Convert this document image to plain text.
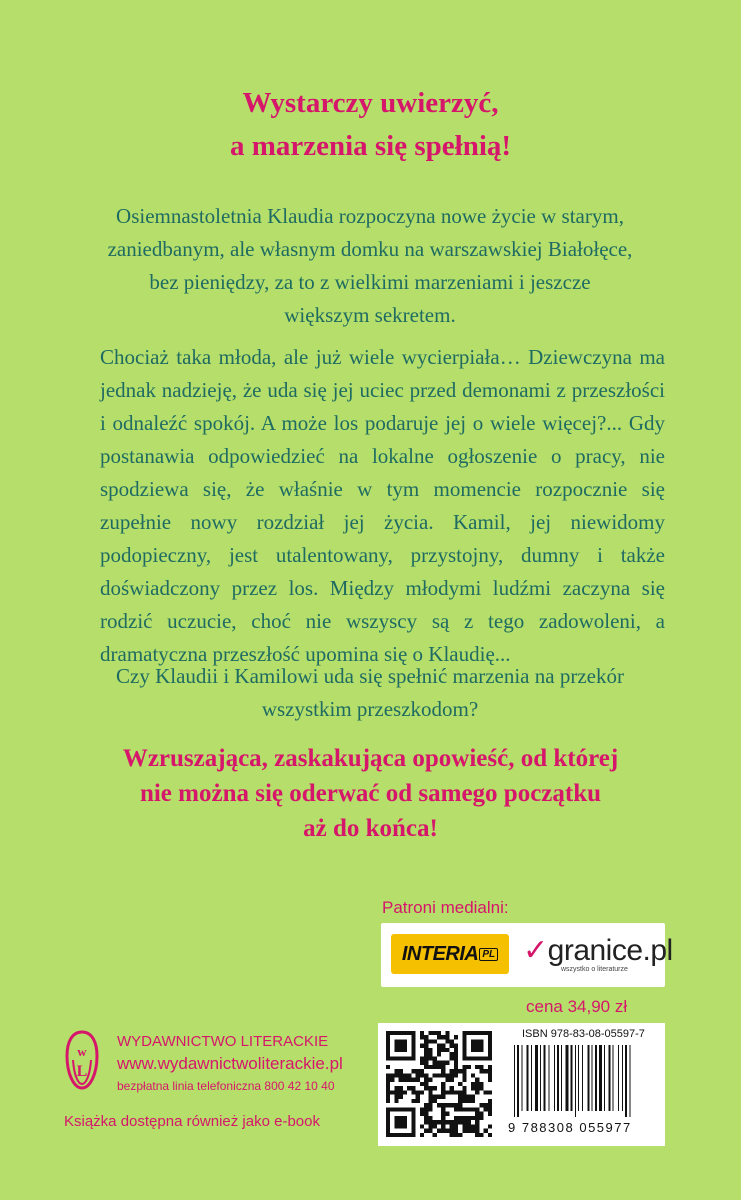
Wystarczy uwierzyć,
a marzenia się spełnią!
Osiemnastoletnia Klaudia rozpoczyna nowe życie w starym,
zaniedbanym, ale własnym domku na warszawskiej Białołęce,
bez pieniędzy, za to z wielkimi marzeniami i jeszcze
większym sekretem.
Chociaż taka młoda, ale już wiele wycierpiała… Dziewczyna ma jednak nadzieję, że uda się jej uciec przed demonami z przeszłości i odnaleźć spokój. A może los podaruje jej o wiele więcej?... Gdy postanawia odpowiedzieć na lokalne ogłoszenie o pracy, nie spodziewa się, że właśnie w tym momencie rozpocznie się zupełnie nowy rozdział jej życia. Kamil, jej niewidomy podopieczny, jest utalentowany, przystojny, dumny i także doświadczony przez los. Między młodymi ludźmi zaczyna się rodzić uczucie, choć nie wszyscy są z tego zadowoleni, a dramatyczna przeszłość upomina się o Klaudię...
Czy Klaudii i Kamilowi uda się spełnić marzenia na przekór
wszystkim przeszkodom?
Wzruszająca, zaskakująca opowieść, od której
nie można się oderwać od samego początku
aż do końca!
Patroni medialni:
INTERIA PL ✓granice.pl
wszystko o literaturze
cena 34,90 zł
ISBN 978-83-08-05597-7
9 788308 055977
w
L
WYDAWNICTWO LITERACKIE
www.wydawnictwoliterackie.pl
bezpłatna linia telefoniczna 800 42 10 40
Książka dostępna również jako e-book
